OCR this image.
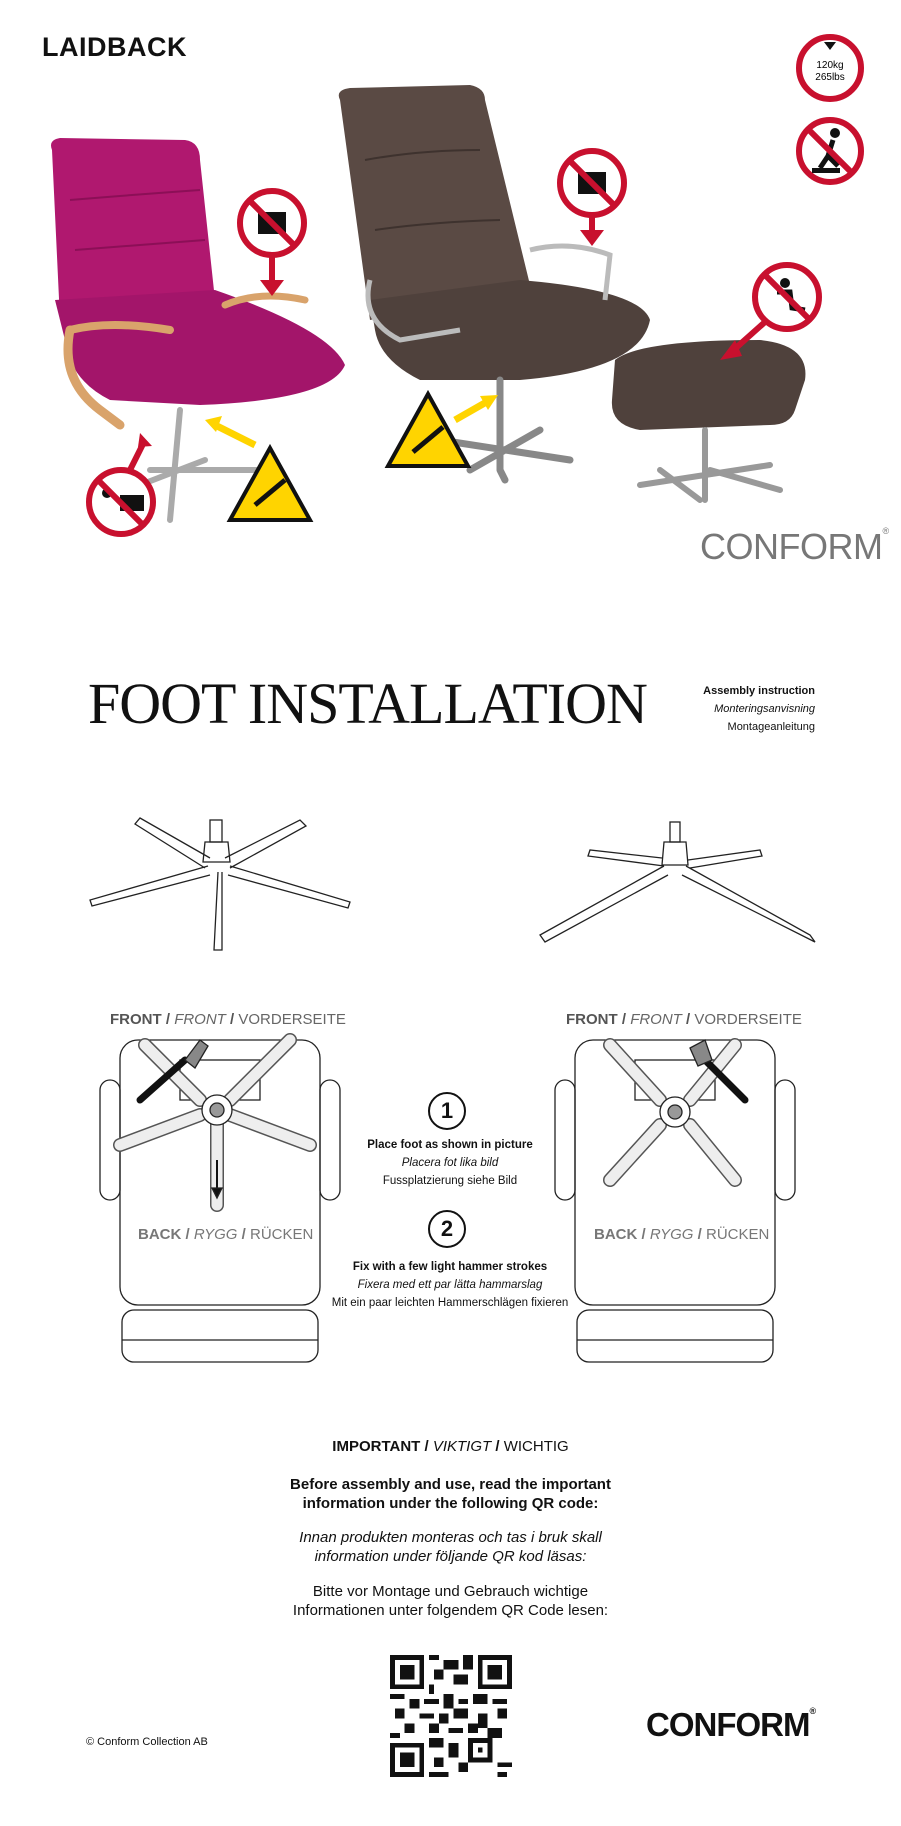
LAIDBACK
120kg
265lbs
CONFORM®
FOOT INSTALLATION	Assembly instruction
Monteringsanvisning
Montageanleitung
FRONT / FRONT / VORDERSEITE	FRONT / FRONT / VORDERSEITE
BACK / RYGG / RÜCKEN	BACK / RYGG / RÜCKEN
1
Place foot as shown in picture
Placera fot lika bild
Fussplatzierung siehe Bild
2
Fix with a few light hammer strokes
Fixera med ett par lätta hammarslag
Mit ein paar leichten Hammerschlägen fixieren
IMPORTANT / VIKTIGT / WICHTIG
Before assembly and use, read the important
information under the following QR code:
Innan produkten monteras och tas i bruk skall
information under följande QR kod läsas:
Bitte vor Montage und Gebrauch wichtige
Informationen unter folgendem QR Code lesen:
© Conform Collection AB	CONFORM®
